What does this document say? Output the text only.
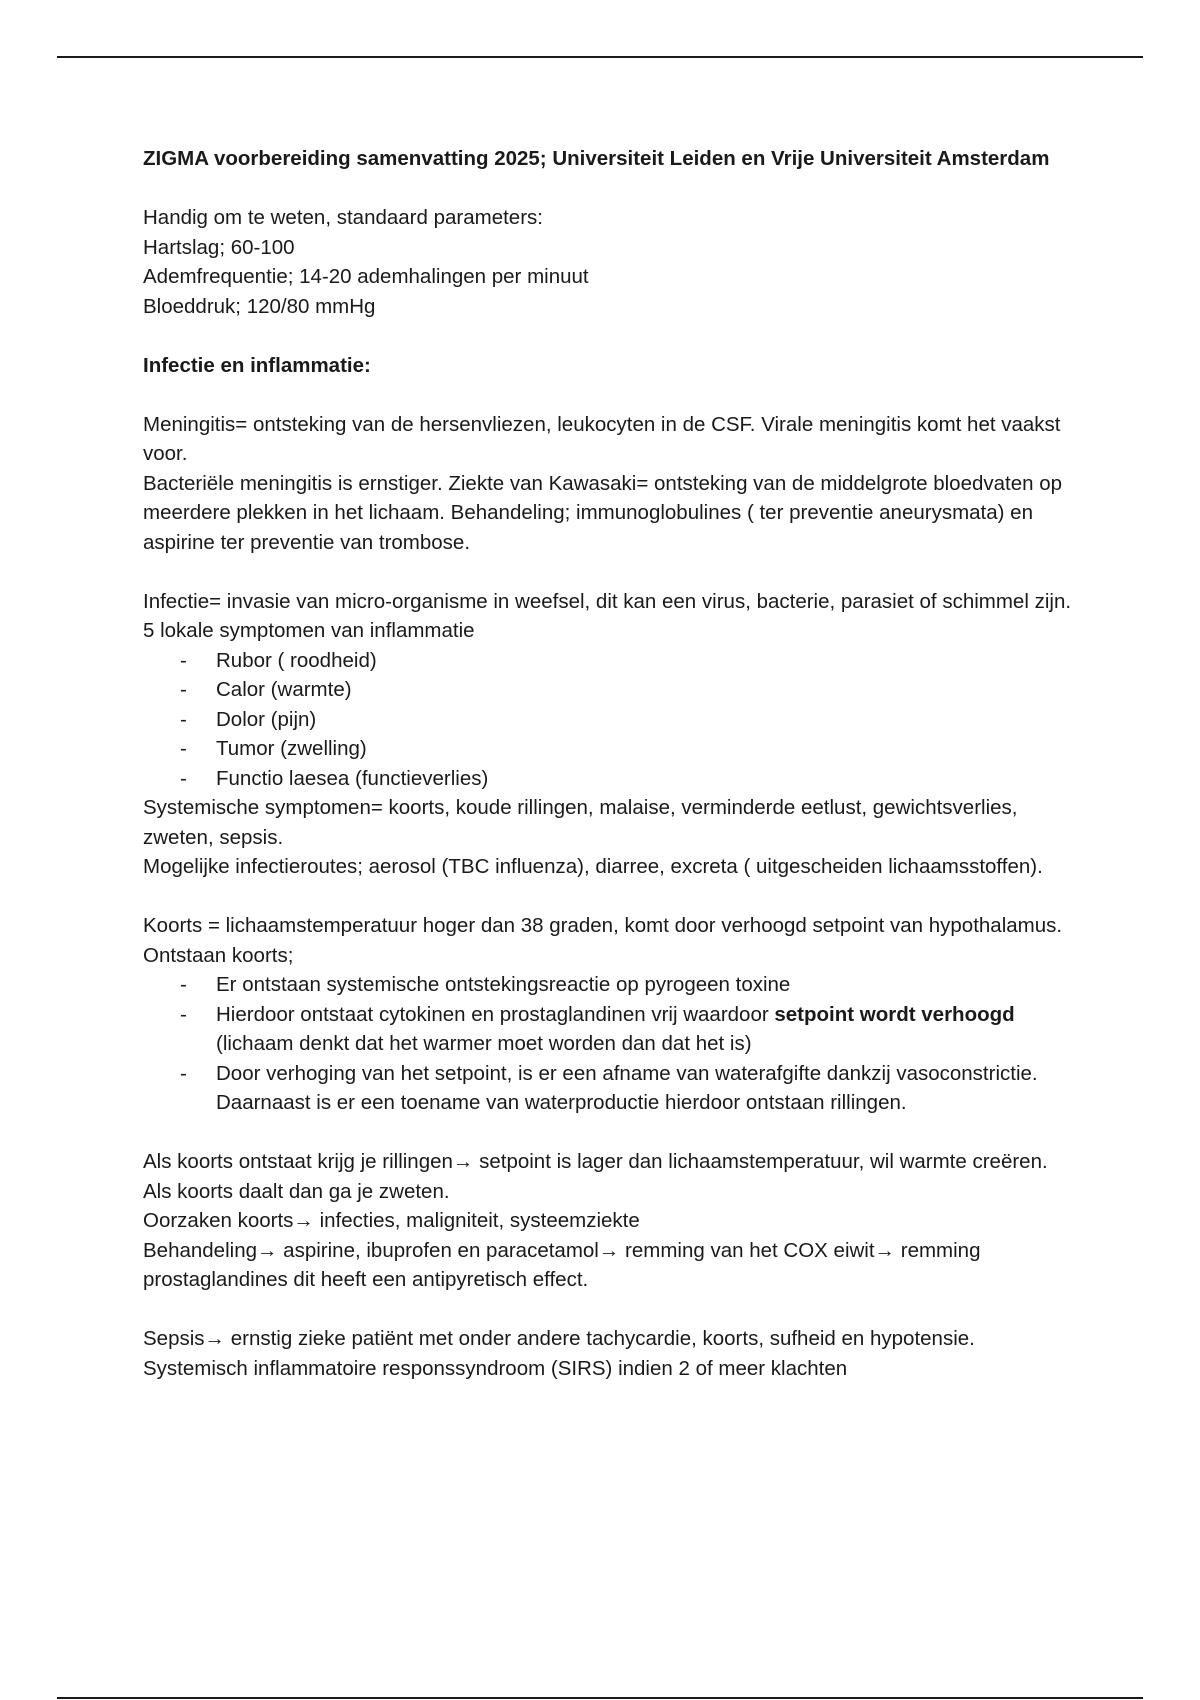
ZIGMA voorbereiding samenvatting 2025; Universiteit Leiden en Vrije Universiteit Amsterdam

Handig om te weten, standaard parameters:

Hartslag; 60-100

Ademfrequentie; 14-20 ademhalingen per minuut

Bloeddruk; 120/80 mmHg

Infectie en inflammatie:

Meningitis= ontsteking van de hersenvliezen, leukocyten in de CSF. Virale meningitis komt het vaakst voor.

Bacteriële meningitis is ernstiger. Ziekte van Kawasaki= ontsteking van de middelgrote bloedvaten op meerdere plekken in het lichaam. Behandeling; immunoglobulines ( ter preventie aneurysmata) en aspirine ter preventie van trombose.

Infectie= invasie van micro-organisme in weefsel, dit kan een virus, bacterie, parasiet of schimmel zijn. 5 lokale symptomen van inflammatie

- Rubor ( roodheid)
- Calor (warmte)
- Dolor (pijn)
- Tumor (zwelling)
- Functio laesea (functieverlies)

Systemische symptomen= koorts, koude rillingen, malaise, verminderde eetlust, gewichtsverlies, zweten, sepsis.

Mogelijke infectieroutes; aerosol (TBC influenza), diarree, excreta ( uitgescheiden lichaamsstoffen).

Koorts = lichaamstemperatuur hoger dan 38 graden, komt door verhoogd setpoint van hypothalamus.

Ontstaan koorts;

- Er ontstaan systemische ontstekingsreactie op pyrogeen toxine
- Hierdoor ontstaat cytokinen en prostaglandinen vrij waardoor setpoint wordt verhoogd (lichaam denkt dat het warmer moet worden dan dat het is)
- Door verhoging van het setpoint, is er een afname van waterafgifte dankzij vasoconstrictie. Daarnaast is er een toename van waterproductie hierdoor ontstaan rillingen.

Als koorts ontstaat krijg je rillingen→ setpoint is lager dan lichaamstemperatuur, wil warmte creëren. Als koorts daalt dan ga je zweten.

Oorzaken koorts→ infecties, maligniteit, systeemziekte

Behandeling→ aspirine, ibuprofen en paracetamol→ remming van het COX eiwit→ remming prostaglandines dit heeft een antipyretisch effect.

Sepsis→ ernstig zieke patiënt met onder andere tachycardie, koorts, sufheid en hypotensie. Systemisch inflammatoire responssyndroom (SIRS) indien 2 of meer klachten
